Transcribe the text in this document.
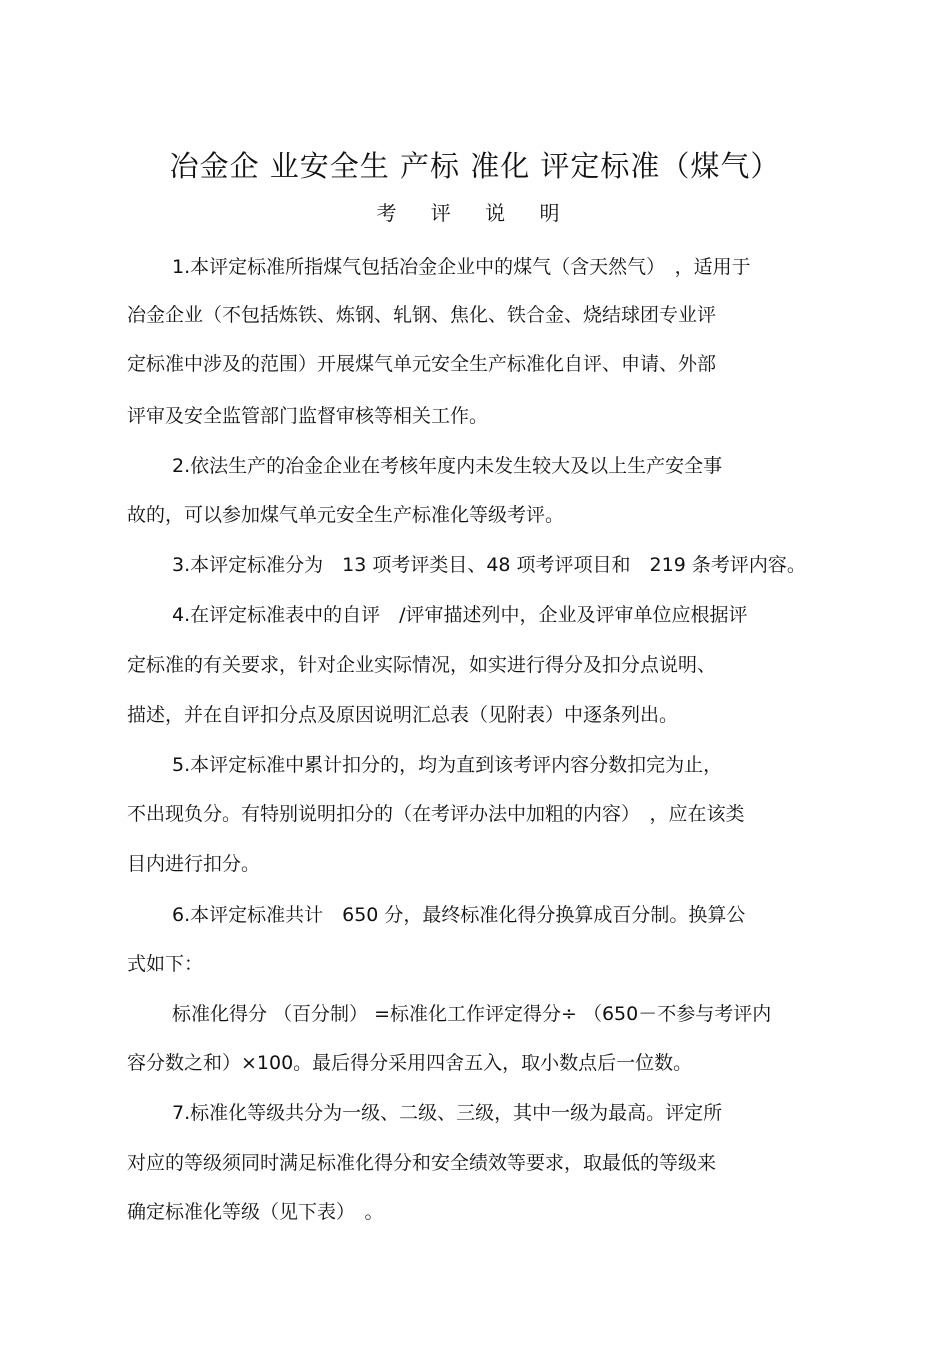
冶金企 业安全生 产标 准化 评定标准（煤气）
考 评 说 明
1.本评定标准所指煤气包括冶金企业中的煤气（含天然气）　，适用于
冶金企业（不包括炼铁、炼钢、轧钢、焦化、铁合金、烧结球团专业评
定标准中涉及的范围）开展煤气单元安全生产标准化自评、申请、外部
评审及安全监管部门监督审核等相关工作。
2.依法生产的冶金企业在考核年度内未发生较大及以上生产安全事
故的，可以参加煤气单元安全生产标准化等级考评。
3.本评定标准分为　13 项考评类目、48 项考评项目和　219 条考评内容。
4.在评定标准表中的自评　/评审描述列中，企业及评审单位应根据评
定标准的有关要求，针对企业实际情况，如实进行得分及扣分点说明、
描述，并在自评扣分点及原因说明汇总表（见附表）中逐条列出。
5.本评定标准中累计扣分的，均为直到该考评内容分数扣完为止，
不出现负分。有特别说明扣分的（在考评办法中加粗的内容）　，应在该类
目内进行扣分。
6.本评定标准共计　650 分，最终标准化得分换算成百分制。换算公
式如下：
标准化得分 （百分制） =标准化工作评定得分÷ （650－不参与考评内
容分数之和）×100。最后得分采用四舍五入，取小数点后一位数。
7.标准化等级共分为一级、二级、三级，其中一级为最高。评定所
对应的等级须同时满足标准化得分和安全绩效等要求，取最低的等级来
确定标准化等级（见下表）　。
